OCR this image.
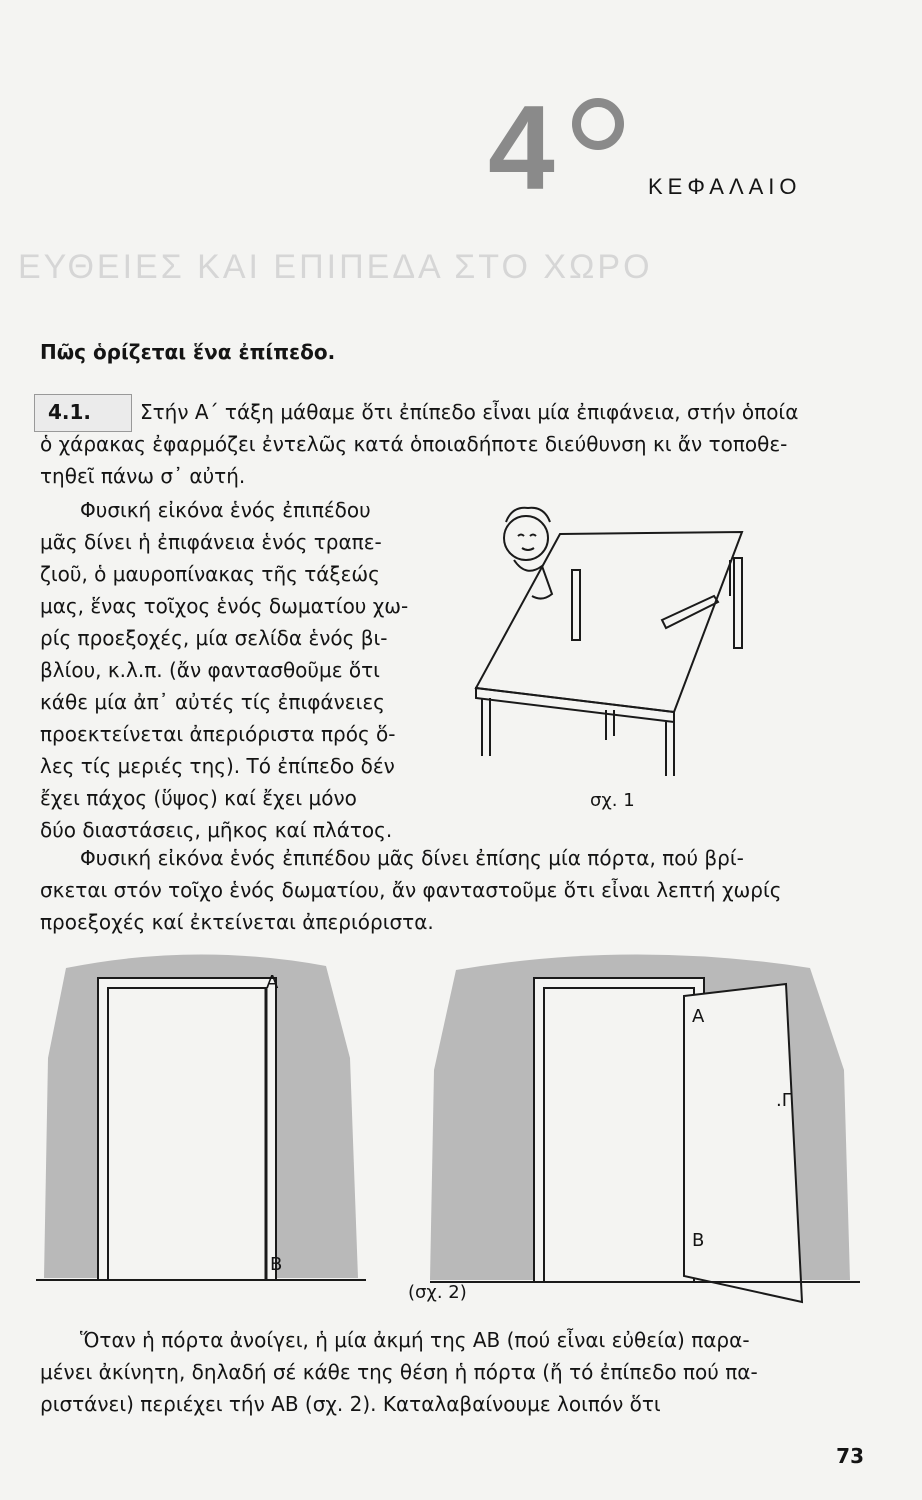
ΕΥΘΕΙΕΣ ΚΑΙ ΕΠΙΠΕΔΑ ΣΤΟ ΧΩΡΟ
4	ΚΕΦΑΛΑΙΟ
Πῶς ὁρίζεται ἕνα ἐπίπεδο.
4.1. Στήν Α΄ τάξη μάθαμε ὅτι ἐπίπεδο εἶναι μία ἐπιφάνεια, στήν ὁποία
ὁ χάρακας ἐφαρμόζει ἐντελῶς κατά ὁποιαδήποτε διεύθυνση κι ἄν τοποθε-
τηθεῖ πάνω σ᾽ αὐτή.
Φυσική εἰκόνα ἑνός ἐπιπέδου
μᾶς δίνει ἡ ἐπιφάνεια ἑνός τραπε-
ζιοῦ, ὁ μαυροπίνακας τῆς τάξεώς
μας, ἕνας τοῖχος ἑνός δωματίου χω-
ρίς προεξοχές, μία σελίδα ἑνός βι-
βλίου, κ.λ.π. (ἄν φαντασθοῦμε ὅτι
κάθε μία ἀπ᾽ αὐτές τίς ἐπιφάνειες
προεκτείνεται ἀπεριόριστα πρός ὅ-
λες τίς μεριές της). Τό ἐπίπεδο δέν
ἔχει πάχος (ὕψος) καί ἔχει μόνο
δύο διαστάσεις, μῆκος καί πλάτος.
σχ. 1
Φυσική εἰκόνα ἑνός ἐπιπέδου μᾶς δίνει ἐπίσης μία πόρτα, πού βρί-
σκεται στόν τοῖχο ἑνός δωματίου, ἄν φανταστοῦμε ὅτι εἶναι λεπτή χωρίς
προεξοχές καί ἐκτείνεται ἀπεριόριστα.
Α
Β
Α
Β
.Γ
(σχ. 2)
Ὅταν ἡ πόρτα ἀνοίγει, ἡ μία ἀκμή της ΑΒ (πού εἶναι εὐθεία) παρα-
μένει ἀκίνητη, δηλαδή σέ κάθε της θέση ἡ πόρτα (ἤ τό ἐπίπεδο πού πα-
ριστάνει) περιέχει τήν ΑΒ (σχ. 2). Καταλαβαίνουμε λοιπόν ὅτι
73
